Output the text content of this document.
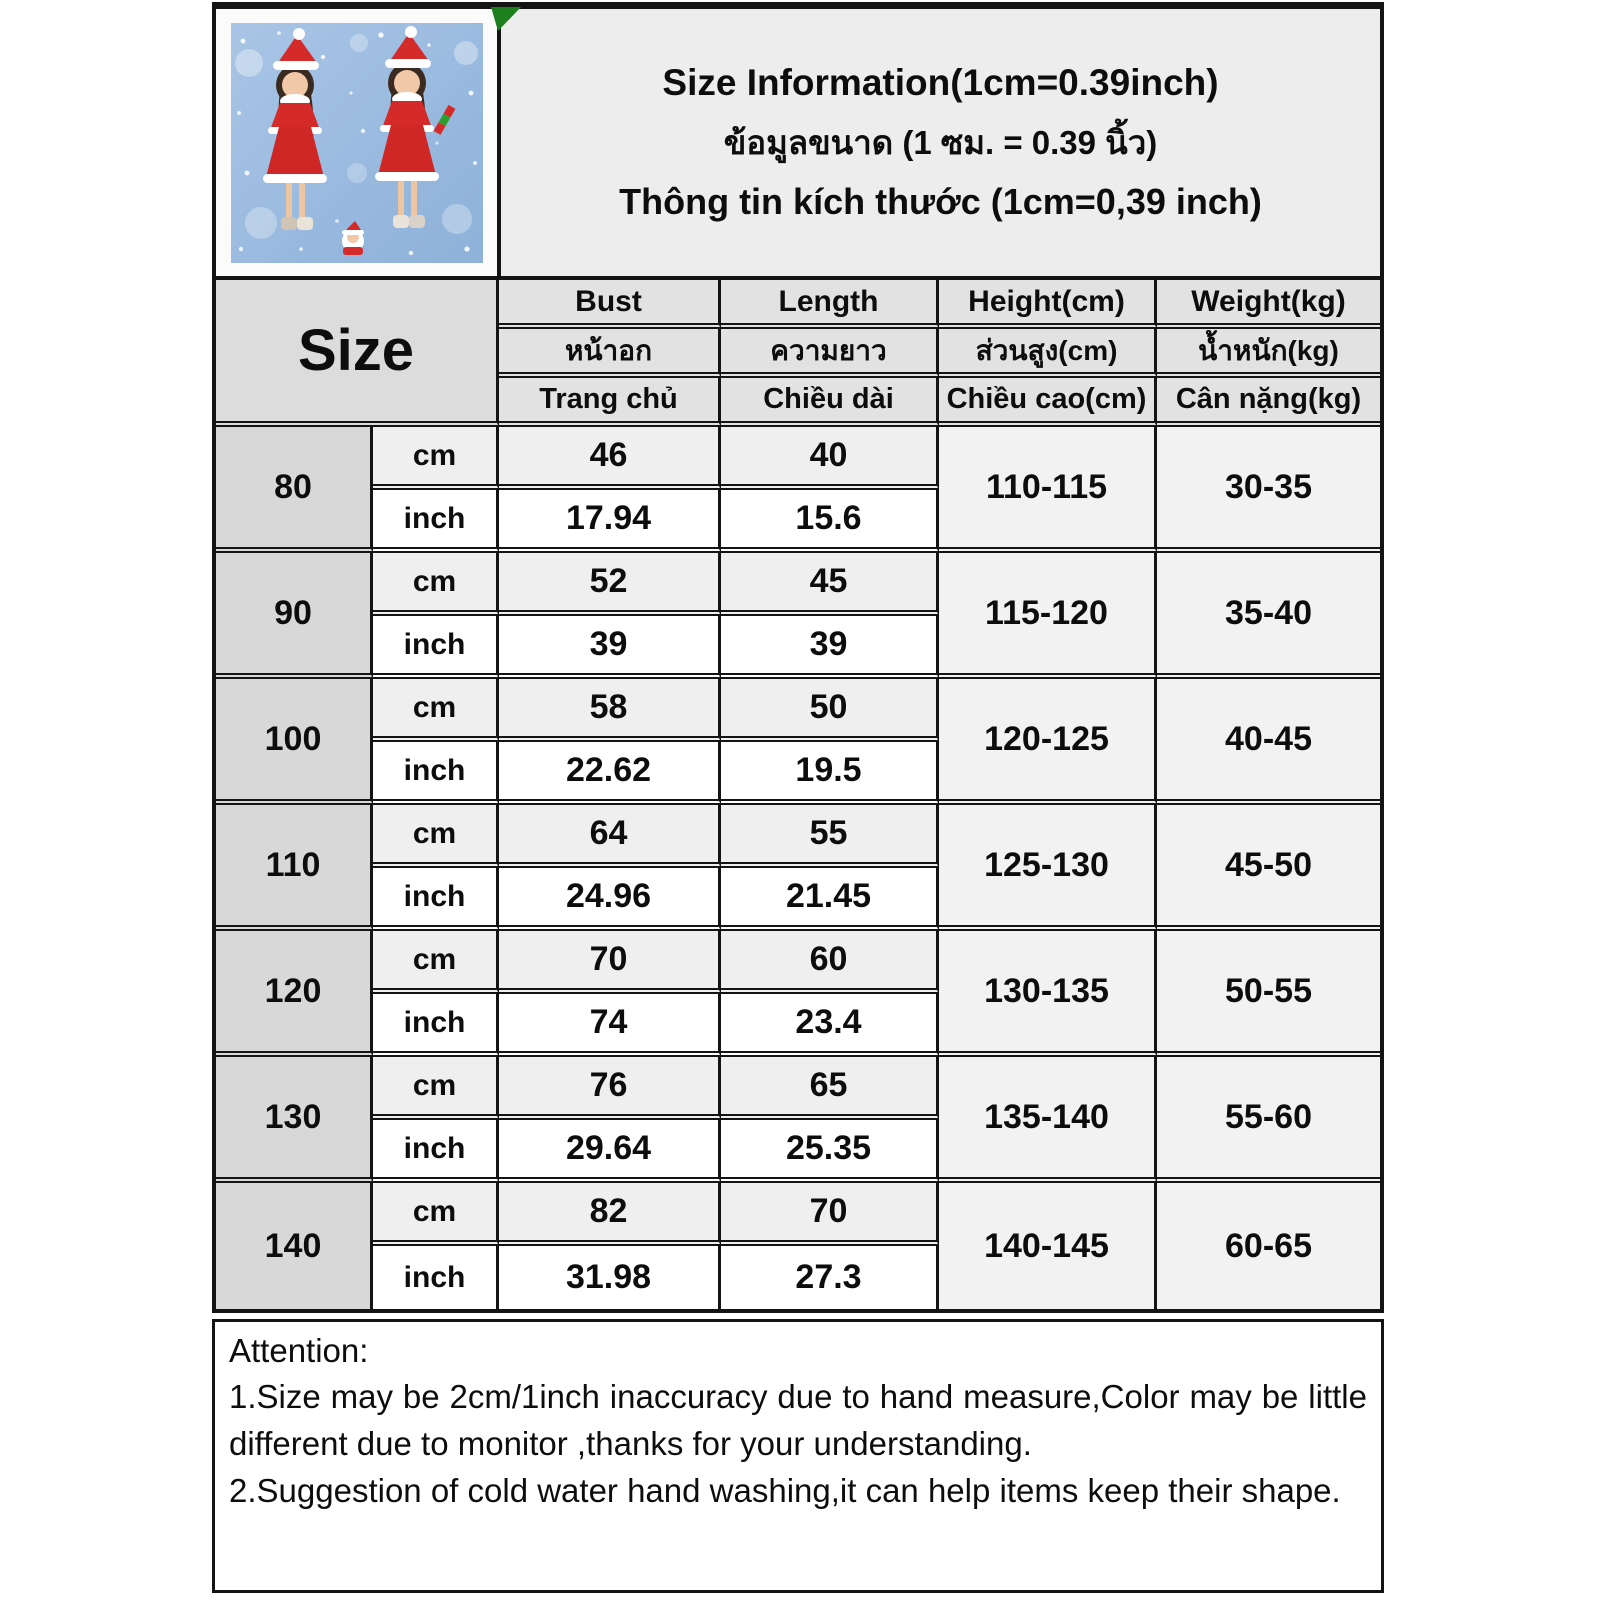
Size Information(1cm=0.39inch)
ข้อมูลขนาด (1 ซม. = 0.39 นิ้ว)
Thông tin kích thước (1cm=0,39 inch)
Size
Bust	Length	Height(cm)	Weight(kg)
หน้าอก	ความยาว	ส่วนสูง(cm)	น้ำหนัก(kg)
Trang chủ	Chiều dài	Chiều cao(cm)	Cân nặng(kg)
80
cm	46	40
110-115	30-35
inch	17.94	15.6
90
cm	52	45
115-120	35-40
inch	39	39
100
cm	58	50
120-125	40-45
inch	22.62	19.5
110
cm	64	55
125-130	45-50
inch	24.96	21.45
120
cm	70	60
130-135	50-55
inch	74	23.4
130
cm	76	65
135-140	55-60
inch	29.64	25.35
140
cm	82	70
140-145	60-65
inch	31.98	27.3
Attention:
1.Size may be 2cm/1inch inaccuracy due to hand measure,Color may be little different due to monitor ,thanks for your understanding.
2.Suggestion of cold water hand washing,it can help items keep their shape.
